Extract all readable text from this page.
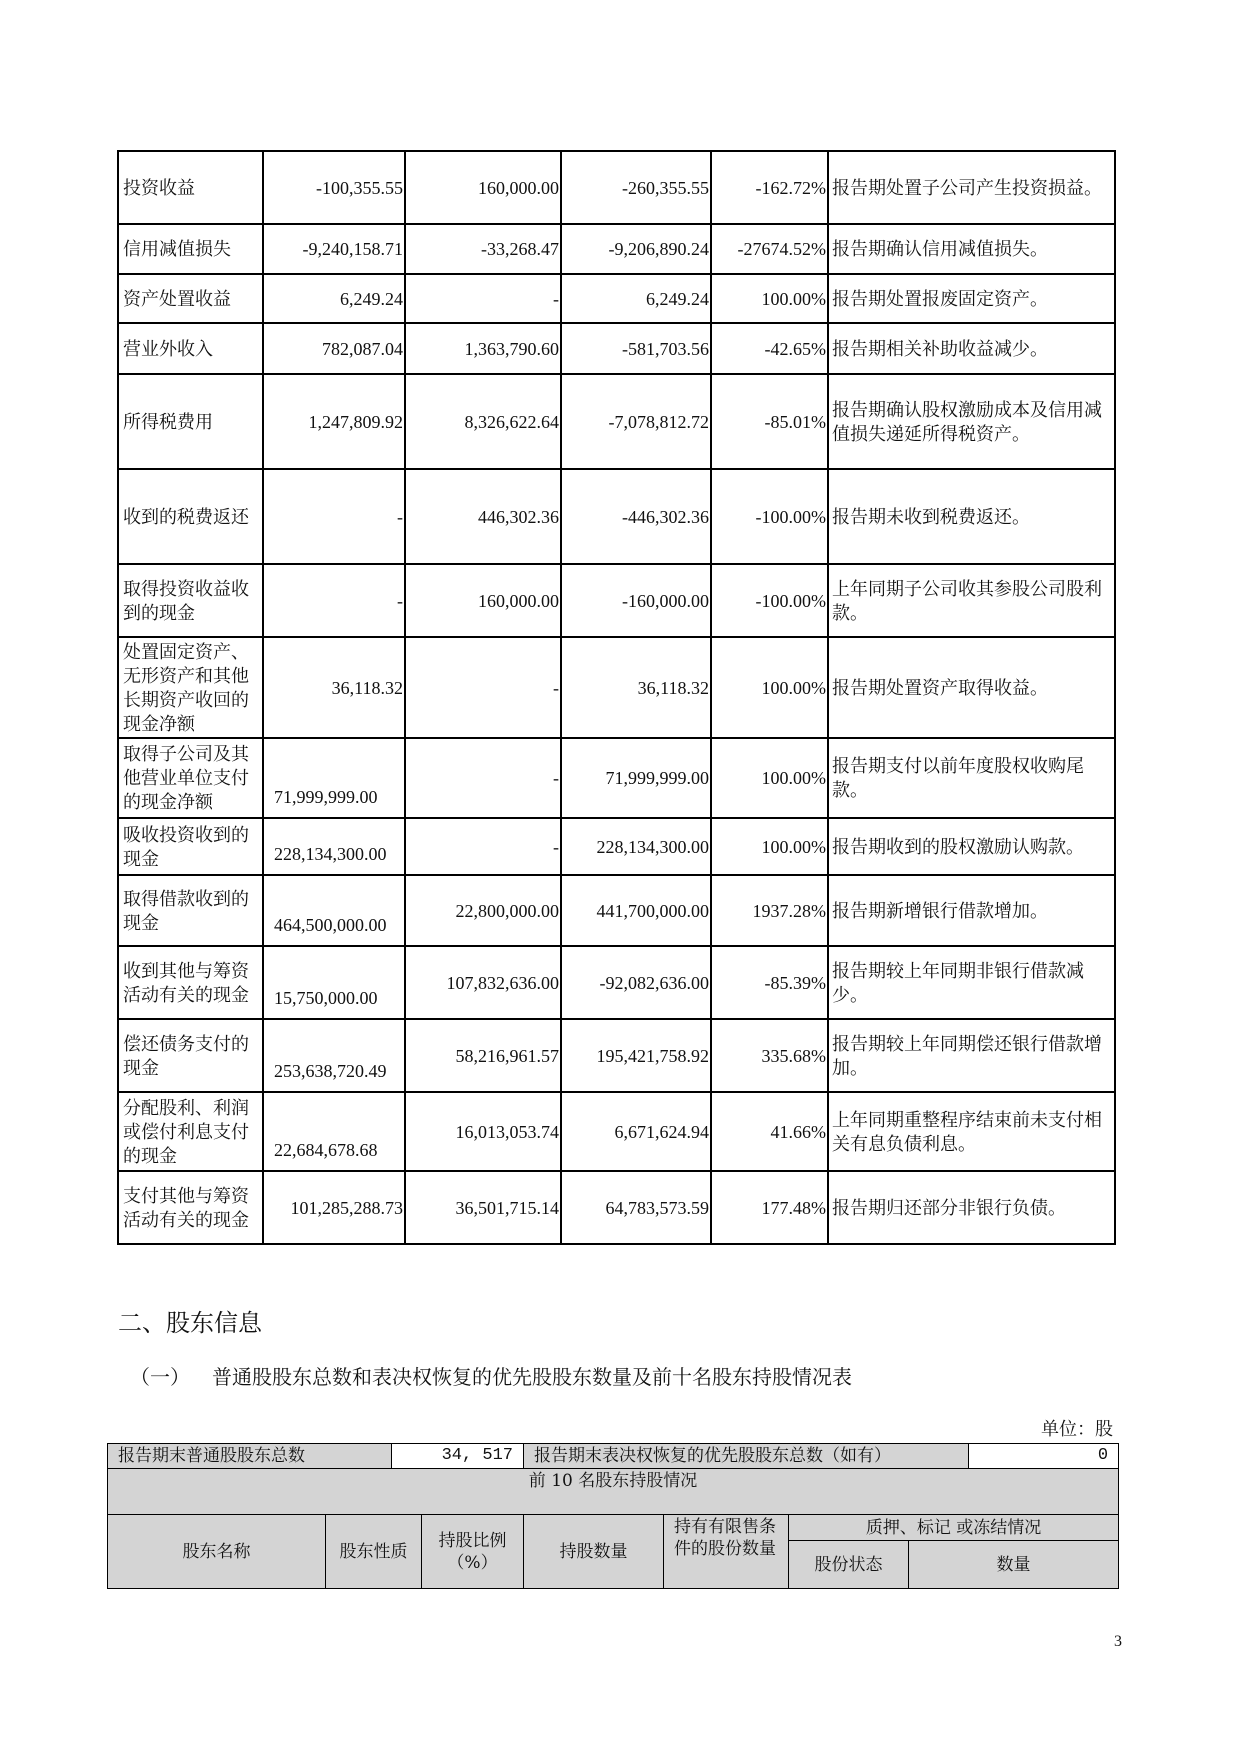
投资收益	-100,355.55	160,000.00	-260,355.55	-162.72%	报告期处置子公司产生投资损益。
信用减值损失	-9,240,158.71	-33,268.47	-9,206,890.24	-27674.52%	报告期确认信用减值损失。
资产处置收益	6,249.24	-	6,249.24	100.00%	报告期处置报废固定资产。
营业外收入	782,087.04	1,363,790.60	-581,703.56	-42.65%	报告期相关补助收益减少。
所得税费用	1,247,809.92	8,326,622.64	-7,078,812.72	-85.01%	报告期确认股权激励成本及信用减值损失递延所得税资产。
收到的税费返还	-	446,302.36	-446,302.36	-100.00%	报告期未收到税费返还。
取得投资收益收到的现金	-	160,000.00	-160,000.00	-100.00%	上年同期子公司收其参股公司股利款。
处置固定资产、无形资产和其他长期资产收回的现金净额	36,118.32	-	36,118.32	100.00%	报告期处置资产取得收益。
取得子公司及其他营业单位支付的现金净额	71,999,999.00	-	71,999,999.00	100.00%	报告期支付以前年度股权收购尾款。
吸收投资收到的现金	228,134,300.00	-	228,134,300.00	100.00%	报告期收到的股权激励认购款。
取得借款收到的现金	464,500,000.00	22,800,000.00	441,700,000.00	1937.28%	报告期新增银行借款增加。
收到其他与筹资活动有关的现金	15,750,000.00	107,832,636.00	-92,082,636.00	-85.39%	报告期较上年同期非银行借款减少。
偿还债务支付的现金	253,638,720.49	58,216,961.57	195,421,758.92	335.68%	报告期较上年同期偿还银行借款增加。
分配股利、利润或偿付利息支付的现金	22,684,678.68	16,013,053.74	6,671,624.94	41.66%	上年同期重整程序结束前未支付相关有息负债利息。
支付其他与筹资活动有关的现金	101,285,288.73	36,501,715.14	64,783,573.59	177.48%	报告期归还部分非银行负债。
二、股东信息
（一） 普通股股东总数和表决权恢复的优先股股东数量及前十名股东持股情况表
单位：股
报告期末普通股股东总数		34, 517		报告期末表决权恢复的优先股股东总数（如有）				0
前 10 名股东持股情况								
股东名称	股东性质		持股比例（%）	持股数量	持有有限售条件的股份数量	质押、标记 或冻结情况		
						股份状态	数量	
3
